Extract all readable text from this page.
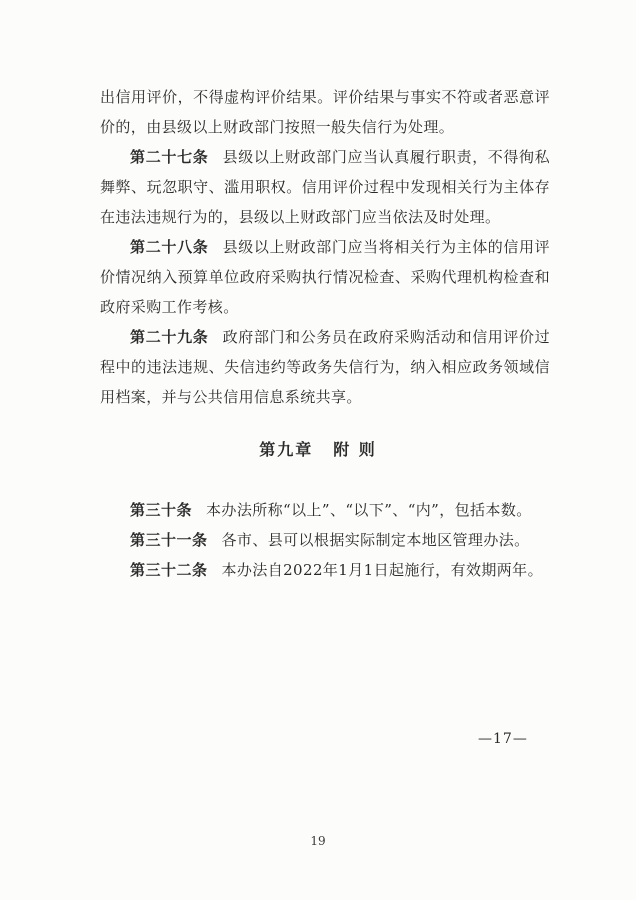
出信用评价，不得虚构评价结果。评价结果与事实不符或者恶意评价的，由县级以上财政部门按照一般失信行为处理。

第二十七条 县级以上财政部门应当认真履行职责，不得徇私舞弊、玩忽职守、滥用职权。信用评价过程中发现相关行为主体存在违法违规行为的，县级以上财政部门应当依法及时处理。

第二十八条 县级以上财政部门应当将相关行为主体的信用评价情况纳入预算单位政府采购执行情况检查、采购代理机构检查和政府采购工作考核。

第二十九条 政府部门和公务员在政府采购活动和信用评价过程中的违法违规、失信违约等政务失信行为，纳入相应政务领域信用档案，并与公共信用信息系统共享。

第九章 附 则

第三十条 本办法所称“以上”、“以下”、“内”，包括本数。

第三十一条 各市、县可以根据实际制定本地区管理办法。

第三十二条 本办法自2022年1月1日起施行，有效期两年。

—17—
19
